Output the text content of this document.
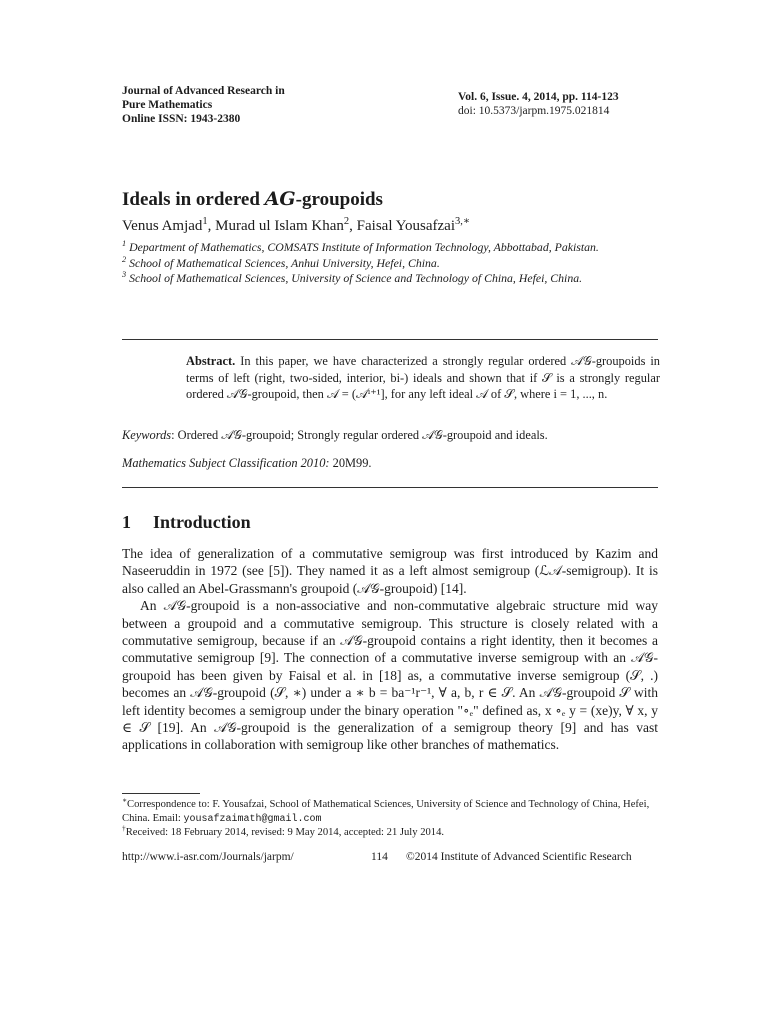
Journal of Advanced Research in
Pure Mathematics
Online ISSN: 1943-2380
Vol. 6, Issue. 4, 2014, pp. 114-123
doi: 10.5373/jarpm.1975.021814
Ideals in ordered AG-groupoids
Venus Amjad$^1$, Murad ul Islam Khan$^2$, Faisal Yousafzai$^{3,∗}$

$^1$ Department of Mathematics, COMSATS Institute of Information Technology, Abbottabad, Pakistan.

$^2$ School of Mathematical Sciences, Anhui University, Hefei, China.

$^3$ School of Mathematical Sciences, University of Science and Technology of China, Hefei, China.

Abstract. In this paper, we have characterized a strongly regular ordered 𝒜𝒢-groupoids in terms of left (right, two-sided, interior, bi-) ideals and shown that if 𝒮 is a strongly regular ordered 𝒜𝒢-groupoid, then 𝒜 = (𝒜ⁱ⁺¹], for any left ideal 𝒜 of 𝒮, where i = 1, ..., n.
Keywords: Ordered 𝒜𝒢-groupoid; Strongly regular ordered 𝒜𝒢-groupoid and ideals.
Mathematics Subject Classification 2010: 20M99.
1 Introduction

The idea of generalization of a commutative semigroup was first introduced by Kazim and Naseeruddin in 1972 (see [5]). They named it as a left almost semigroup (ℒ𝒜-semigroup). It is also called an Abel-Grassmann's groupoid (𝒜𝒢-groupoid) [14].

An 𝒜𝒢-groupoid is a non-associative and non-commutative algebraic structure mid way between a groupoid and a commutative semigroup. This structure is closely related with a commutative semigroup, because if an 𝒜𝒢-groupoid contains a right identity, then it becomes a commutative semigroup [9]. The connection of a commutative inverse semigroup with an 𝒜𝒢-groupoid has been given by Faisal et al. in [18] as, a commutative inverse semigroup (𝒮, .) becomes an 𝒜𝒢-groupoid (𝒮, ∗) under a ∗ b = ba⁻¹r⁻¹, ∀ a, b, r ∈ 𝒮. An 𝒜𝒢-groupoid 𝒮 with left identity becomes a semigroup under the binary operation "∘ₑ" defined as, x ∘ₑ y = (xe)y, ∀ x, y ∈ 𝒮 [19]. An 𝒜𝒢-groupoid is the generalization of a semigroup theory [9] and has vast applications in collaboration with semigroup like other branches of mathematics.

∗Correspondence to: F. Yousafzai, School of Mathematical Sciences, University of Science and Technology of China, Hefei, China. Email: yousafzaimath@gmail.com

†Received: 18 February 2014, revised: 9 May 2014, accepted: 21 July 2014.

http://www.i-asr.com/Journals/jarpm/	114 ©2014 Institute of Advanced Scientific Research
